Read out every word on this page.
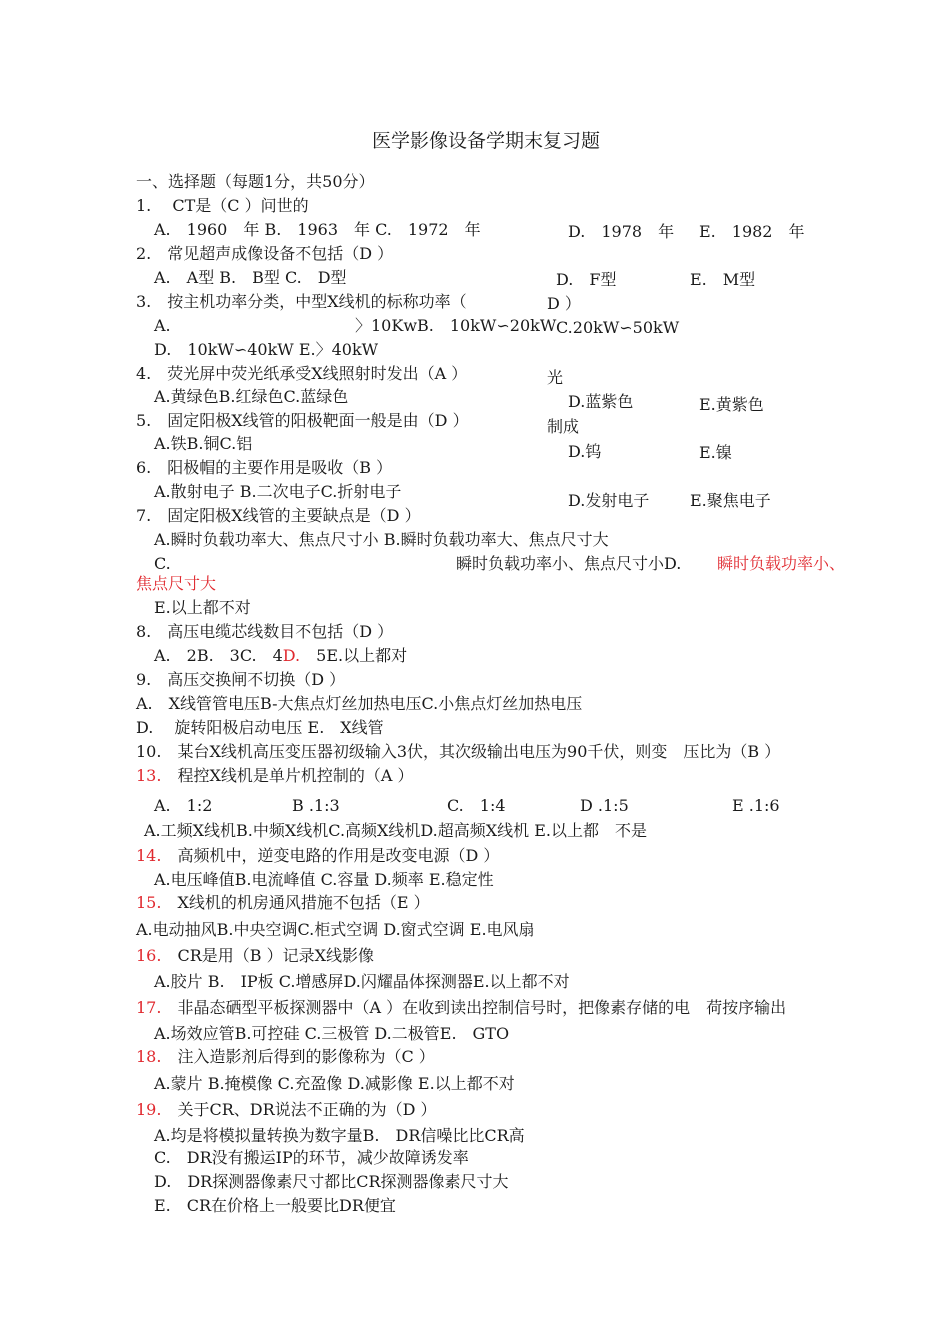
医学影像设备学期末复习题
一、选择题（每题1分，共50分）
1.　 CT是（C ）问世的
A.　1960　年 B.　1963　年 C.　1972　年	D.　1978　年 E.　1982　年
2.　常见超声成像设备不包括（D ）
A.　A型 B.　B型 C.　D型	D.　F型	E.　M型
3.　按主机功率分类，中型X线机的标称功率（	D ）
A.	〉10KwB.　10kW∽20kW C.20kW∽50kW
D.　10kW∽40kW E.〉40kW
4.　荧光屏中荧光纸承受X线照射时发出（A ）	光
A.黄绿色B.红绿色C.蓝绿色	D.蓝紫色	E.黄紫色
5.　固定阳极X线管的阳极靶面一般是由（D ）	制成
A.铁B.铜C.铝	D.钨	E.镍
6.　阳极帽的主要作用是吸收（B ）
A.散射电子 B.二次电子C.折射电子	D.发射电子	E.聚焦电子
7.　固定阳极X线管的主要缺点是（D ）
A.瞬时负载功率大、焦点尺寸小 B.瞬时负载功率大、焦点尺寸大
C.	瞬时负载功率小、焦点尺寸小D. 瞬时负载功率小、
焦点尺寸大
E.以上都不对
8.　高压电缆芯线数目不包括（D ）
A.　2B.　3C.　4D.　5E.以上都对
9.　高压交换闸不切换（D ）
A.　X线管管电压B-大焦点灯丝加热电压C.小焦点灯丝加热电压
D.　 旋转阳极启动电压 E.　X线管
10.　某台X线机高压变压器初级输入3伏，其次级输出电压为90千伏，则变　压比为（B ）
13.　程控X线机是单片机控制的（A ）
A.　1:2	B .1:3	C.　1:4	D .1:5	E .1:6
A.工频X线机B.中频X线机C.高频X线机D.超高频X线机 E.以上都　不是
14.　高频机中，逆变电路的作用是改变电源（D ）
A.电压峰值B.电流峰值 C.容量 D.频率 E.稳定性
15.　X线机的机房通风措施不包括（E ）
A.电动抽风B.中央空调C.柜式空调 D.窗式空调 E.电风扇
16.　CR是用（B ）记录X线影像
A.胶片 B.　IP板 C.增感屏D.闪耀晶体探测器E.以上都不对
17.　非晶态硒型平板探测器中（A ）在收到读出控制信号时，把像素存储的电　荷按序输出
A.场效应管B.可控硅 C.三极管 D.二极管E.　GTO
18.　注入造影剂后得到的影像称为（C ）
A.蒙片 B.掩模像 C.充盈像 D.减影像 E.以上都不对
19.　关于CR、DR说法不正确的为（D ）
A.均是将模拟量转换为数字量B.　DR信噪比比CR高
C.　DR没有搬运IP的环节，减少故障诱发率
D.　DR探测器像素尺寸都比CR探测器像素尺寸大
E.　CR在价格上一般要比DR便宜
